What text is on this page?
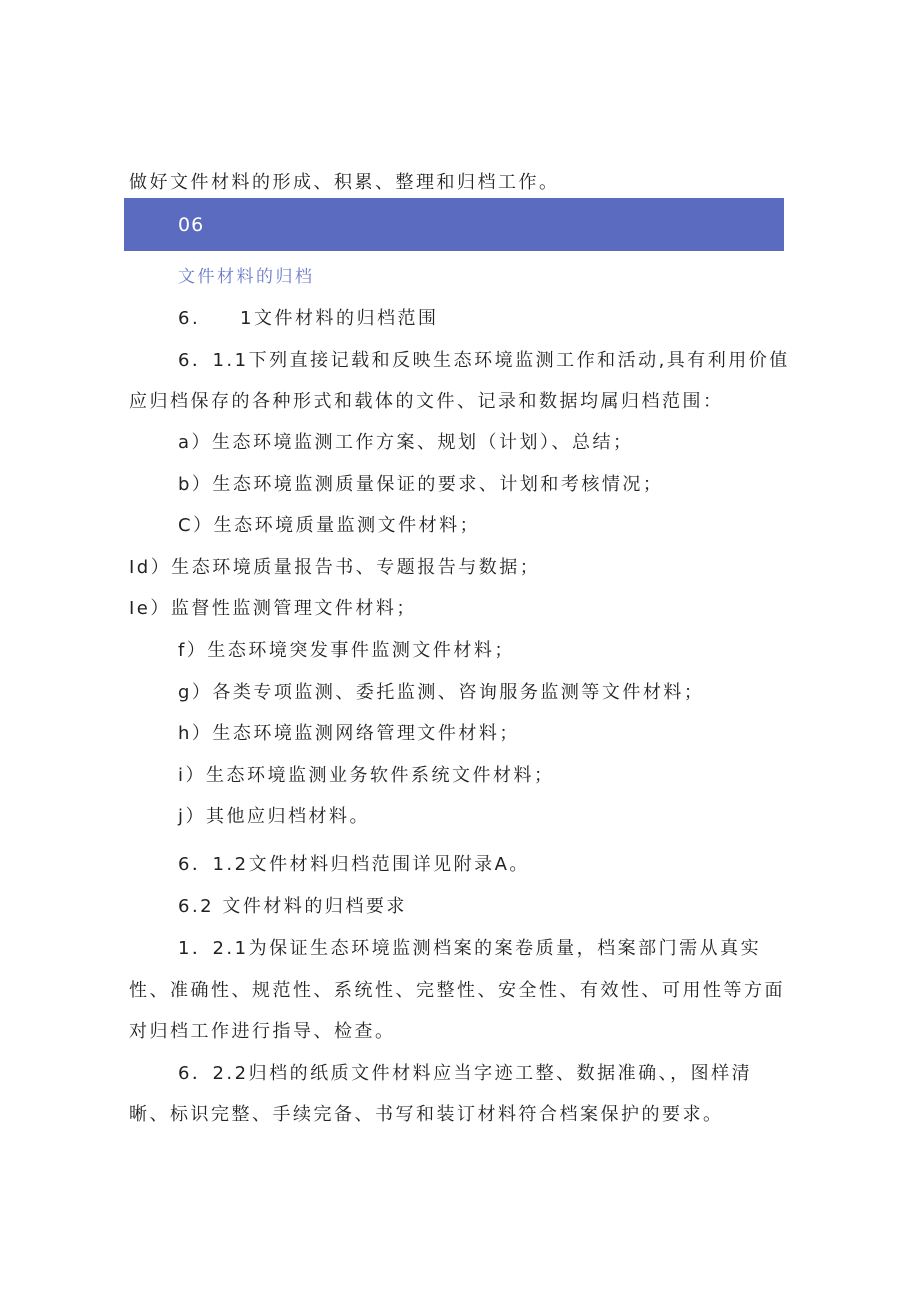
做好文件材料的形成、积累、整理和归档工作。
06
文件材料的归档
6. 1文件材料的归档范围
6．1.1下列直接记载和反映生态环境监测工作和活动,具有利用价值
应归档保存的各种形式和载体的文件、记录和数据均属归档范围：
a）生态环境监测工作方案、规划（计划）、总结；
b）生态环境监测质量保证的要求、计划和考核情况；
C）生态环境质量监测文件材料；
Id）生态环境质量报告书、专题报告与数据；
Ie）监督性监测管理文件材料；
f）生态环境突发事件监测文件材料；
g）各类专项监测、委托监测、咨询服务监测等文件材料；
h）生态环境监测网络管理文件材料；
i）生态环境监测业务软件系统文件材料；
j）其他应归档材料。
6．1.2文件材料归档范围详见附录A。
6.2 文件材料的归档要求
1．2.1为保证生态环境监测档案的案卷质量，档案部门需从真实
性、准确性、规范性、系统性、完整性、安全性、有效性、可用性等方面
对归档工作进行指导、检查。
6．2.2归档的纸质文件材料应当字迹工整、数据准确、，图样清
晰、标识完整、手续完备、书写和装订材料符合档案保护的要求。
